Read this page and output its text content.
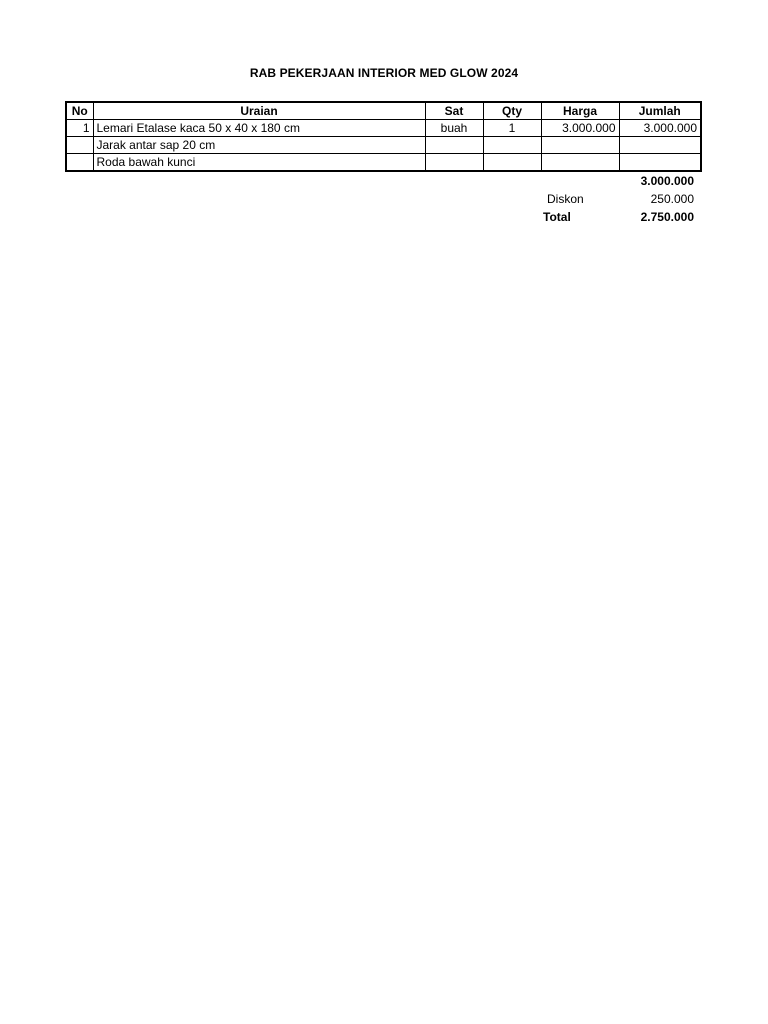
RAB PEKERJAAN INTERIOR MED GLOW 2024
No	Uraian	Sat	Qty	Harga	Jumlah
1	Lemari Etalase kaca 50 x 40 x 180 cm	buah	1	3.000.000	3.000.000
	Jarak antar sap 20 cm				
	Roda bawah kunci				
3.000.000
Diskon	250.000
Total	2.750.000
